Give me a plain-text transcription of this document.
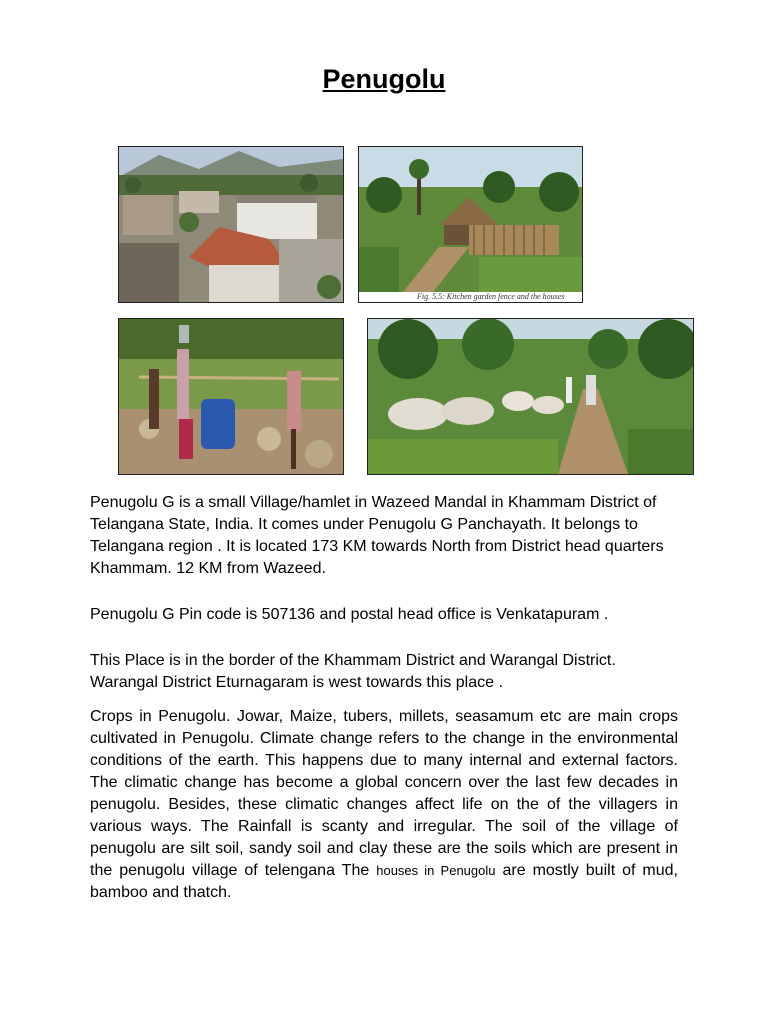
Penugolu
Fig. 5.5: Kitchen garden fence and the houses

Penugolu G is a small Village/hamlet in Wazeed Mandal in Khammam District of Telangana State, India. It comes under Penugolu G Panchayath. It belongs to Telangana region . It is located 173 KM towards North from District head quarters Khammam. 12 KM from Wazeed.

Penugolu G Pin code is 507136 and postal head office is Venkatapuram .

This Place is in the border of the Khammam District and Warangal District. Warangal District Eturnagaram is west towards this place .

Crops in Penugolu. Jowar, Maize, tubers, millets, seasamum etc are main crops cultivated in Penugolu. Climate change refers to the change in the environmental conditions of the earth. This happens due to many internal and external factors. The climatic change has become a global concern over the last few decades in penugolu. Besides, these climatic changes affect life on the of the villagers in various ways. The Rainfall is scanty and irregular. The soil of the village of penugolu are silt soil, sandy soil and clay these are the soils which are present in the penugolu village of telengana The houses in Penugolu are mostly built of mud, bamboo and thatch.
